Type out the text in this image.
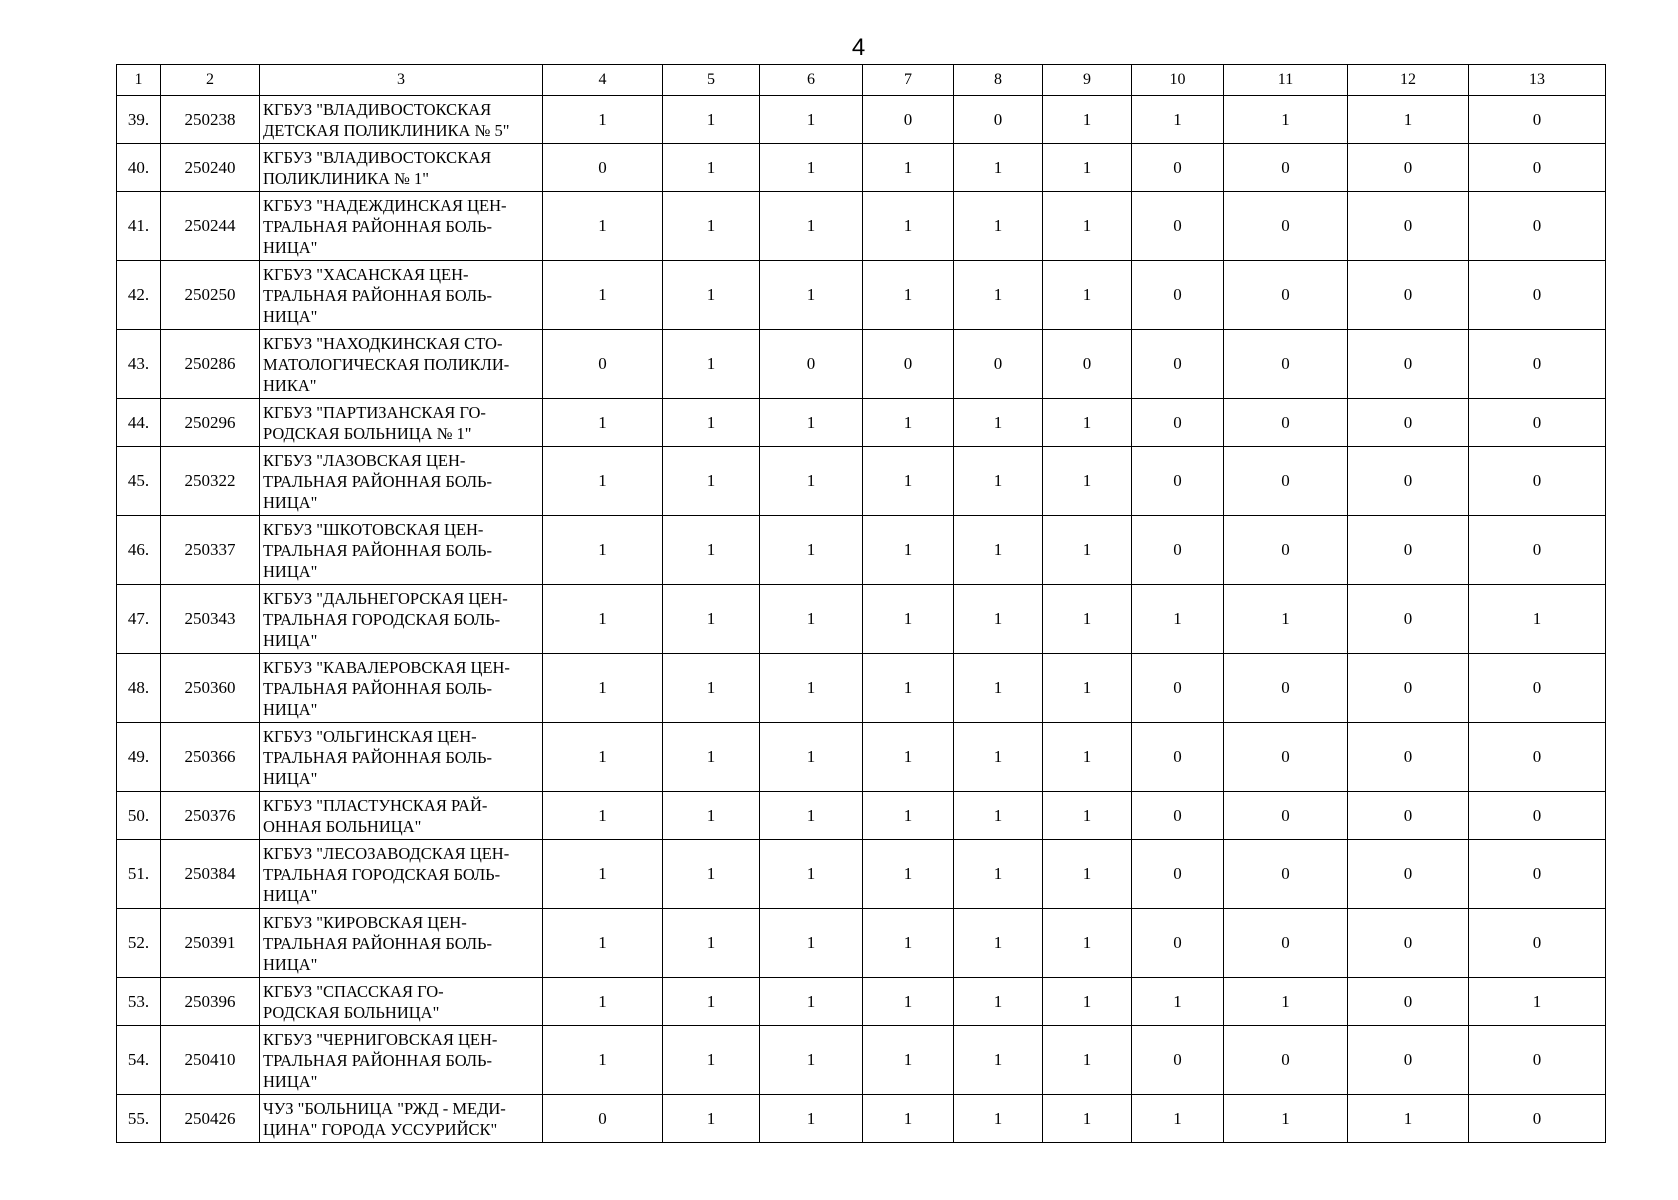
4
1	2	3	4	5	6	7	8	9	10	11	12	13
39.	250238	КГБУЗ "ВЛАДИВОСТОКСКАЯ
ДЕТСКАЯ ПОЛИКЛИНИКА № 5"	1	1	1	0	0	1	1	1	1	0
40.	250240	КГБУЗ "ВЛАДИВОСТОКСКАЯ
ПОЛИКЛИНИКА № 1"	0	1	1	1	1	1	0	0	0	0
41.	250244	КГБУЗ "НАДЕЖДИНСКАЯ ЦЕН-
ТРАЛЬНАЯ РАЙОННАЯ БОЛЬ-
НИЦА"	1	1	1	1	1	1	0	0	0	0
42.	250250	КГБУЗ "ХАСАНСКАЯ ЦЕН-
ТРАЛЬНАЯ РАЙОННАЯ БОЛЬ-
НИЦА"	1	1	1	1	1	1	0	0	0	0
43.	250286	КГБУЗ "НАХОДКИНСКАЯ СТО-
МАТОЛОГИЧЕСКАЯ ПОЛИКЛИ-
НИКА"	0	1	0	0	0	0	0	0	0	0
44.	250296	КГБУЗ "ПАРТИЗАНСКАЯ ГО-
РОДСКАЯ БОЛЬНИЦА № 1"	1	1	1	1	1	1	0	0	0	0
45.	250322	КГБУЗ "ЛАЗОВСКАЯ ЦЕН-
ТРАЛЬНАЯ РАЙОННАЯ БОЛЬ-
НИЦА"	1	1	1	1	1	1	0	0	0	0
46.	250337	КГБУЗ "ШКОТОВСКАЯ ЦЕН-
ТРАЛЬНАЯ РАЙОННАЯ БОЛЬ-
НИЦА"	1	1	1	1	1	1	0	0	0	0
47.	250343	КГБУЗ "ДАЛЬНЕГОРСКАЯ ЦЕН-
ТРАЛЬНАЯ ГОРОДСКАЯ БОЛЬ-
НИЦА"	1	1	1	1	1	1	1	1	0	1
48.	250360	КГБУЗ "КАВАЛЕРОВСКАЯ ЦЕН-
ТРАЛЬНАЯ РАЙОННАЯ БОЛЬ-
НИЦА"	1	1	1	1	1	1	0	0	0	0
49.	250366	КГБУЗ "ОЛЬГИНСКАЯ ЦЕН-
ТРАЛЬНАЯ РАЙОННАЯ БОЛЬ-
НИЦА"	1	1	1	1	1	1	0	0	0	0
50.	250376	КГБУЗ "ПЛАСТУНСКАЯ РАЙ-
ОННАЯ БОЛЬНИЦА"	1	1	1	1	1	1	0	0	0	0
51.	250384	КГБУЗ "ЛЕСОЗАВОДСКАЯ ЦЕН-
ТРАЛЬНАЯ ГОРОДСКАЯ БОЛЬ-
НИЦА"	1	1	1	1	1	1	0	0	0	0
52.	250391	КГБУЗ "КИРОВСКАЯ ЦЕН-
ТРАЛЬНАЯ РАЙОННАЯ БОЛЬ-
НИЦА"	1	1	1	1	1	1	0	0	0	0
53.	250396	КГБУЗ "СПАССКАЯ ГО-
РОДСКАЯ БОЛЬНИЦА"	1	1	1	1	1	1	1	1	0	1
54.	250410	КГБУЗ "ЧЕРНИГОВСКАЯ ЦЕН-
ТРАЛЬНАЯ РАЙОННАЯ БОЛЬ-
НИЦА"	1	1	1	1	1	1	0	0	0	0
55.	250426	ЧУЗ "БОЛЬНИЦА "РЖД - МЕДИ-
ЦИНА" ГОРОДА УССУРИЙСК"	0	1	1	1	1	1	1	1	1	0
